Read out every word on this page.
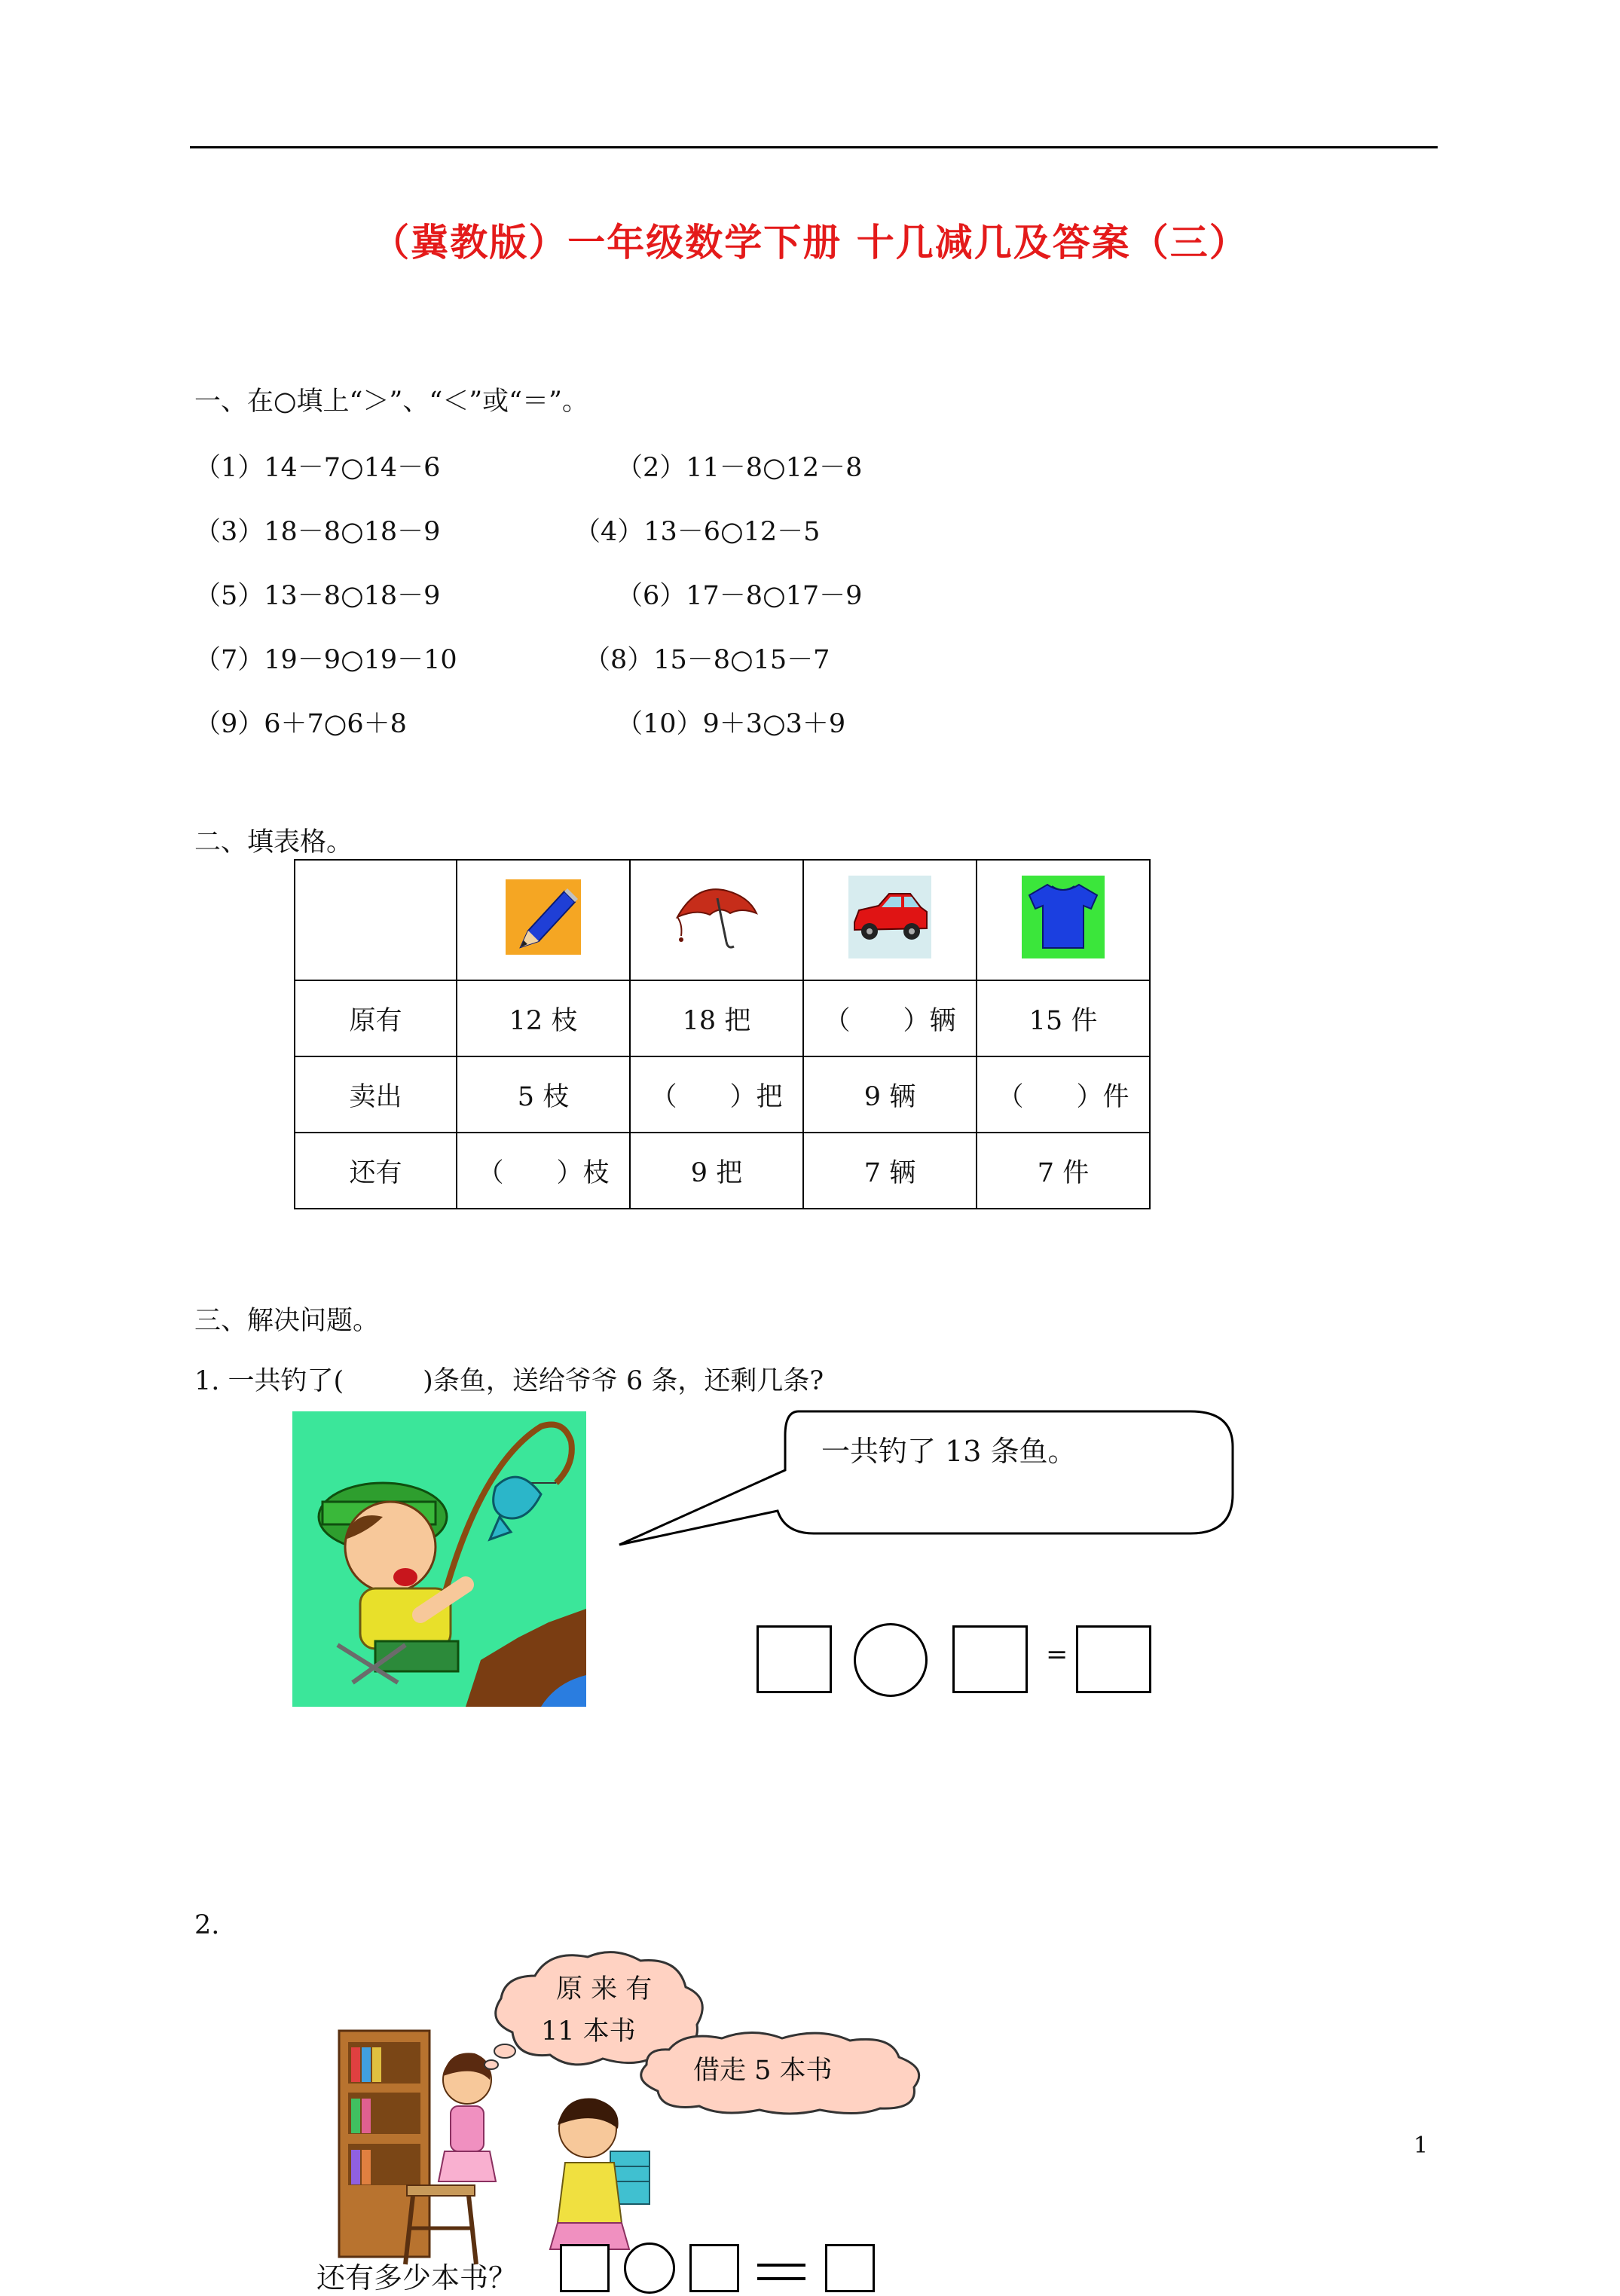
（冀教版）一年级数学下册 十几减几及答案（三）
一、在○填上“＞”、“＜”或“＝”。
（1）14－7○14－6	（2）11－8○12－8
（3）18－8○18－9	（4）13－6○12－5
（5）13－8○18－9	（6）17－8○17－9
（7）19－9○19－10	（8）15－8○15－7
（9）6＋7○6＋8	（10）9＋3○3＋9
二、填表格。

原有	12 枝	18 把	（　　）辆	15 件
卖出	5 枝	（　　）把	9 辆	（　　）件
还有	（　　）枝	9 把	7 辆	7 件
三、解决问题。
1. 一共钓了(　　　)条鱼，送给爷爷 6 条，还剩几条?
一共钓了 13 条鱼。
=
2.
原 来 有
11 本书
借走 5 本书
还有多少本书？
1
